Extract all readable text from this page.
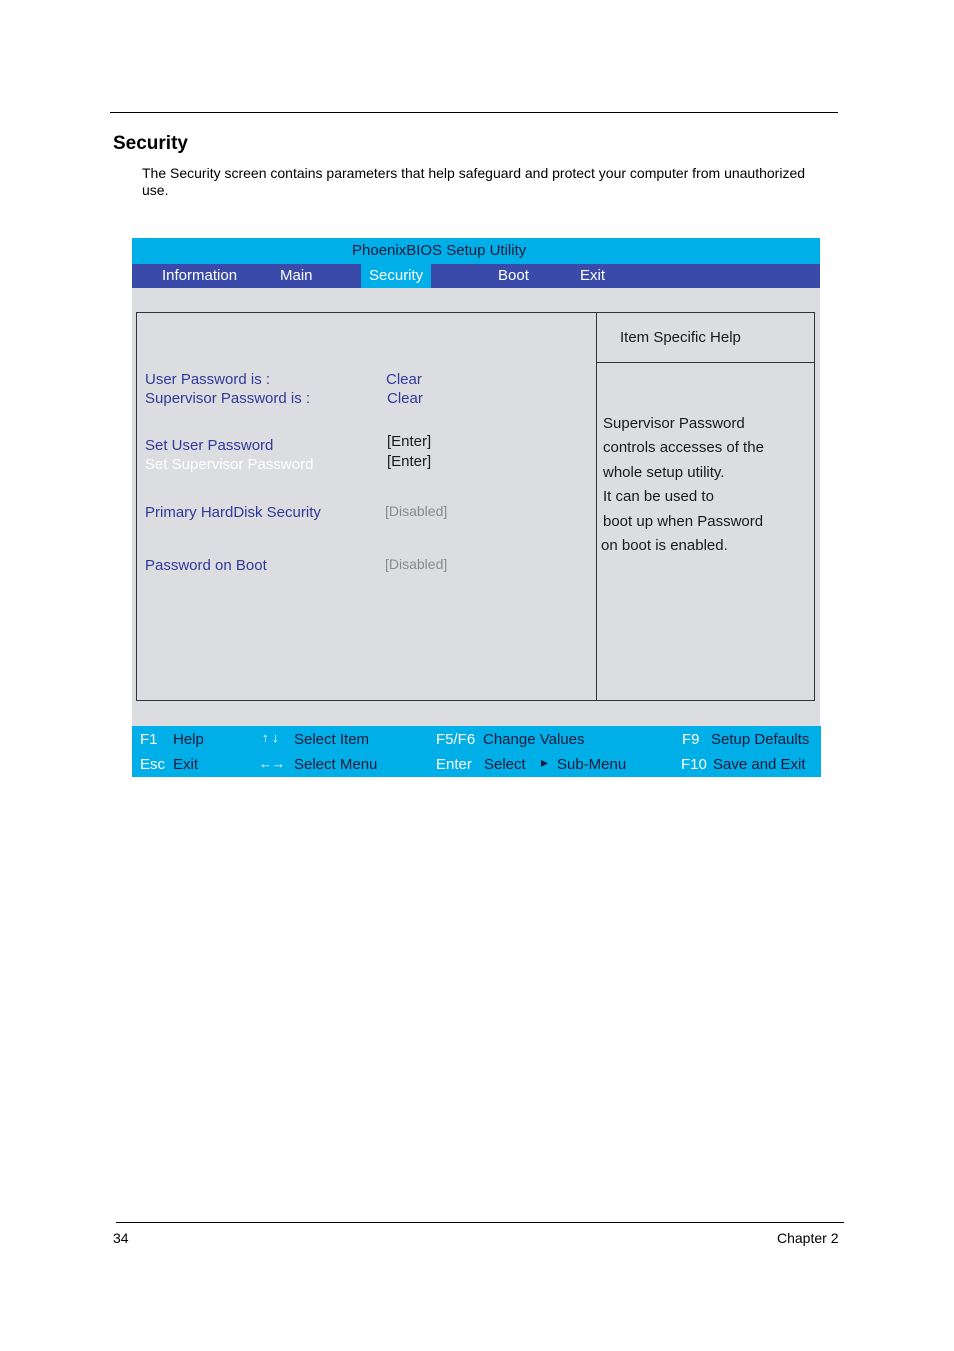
Security
The Security screen contains parameters that help safeguard and protect your computer from unauthorized use.
PhoenixBIOS Setup Utility
Information	Main	Security	Boot	Exit
User Password is :	Clear
Supervisor Password is :	Clear
Set User Password	[Enter]
Set Supervisor Password	[Enter]
Primary HardDisk Security	[Disabled]
Password on Boot	[Disabled]
Item Specific Help
Supervisor Password
controls accesses of the
whole setup utility.
It can be used to
boot up when Password
on boot is enabled.
F1 Help	↑ ↓ Select Item	F5/F6 Change Values	F9 Setup Defaults
Esc Exit	←→ Select Menu	Enter Select ▸ Sub-Menu	F10 Save and Exit
34	Chapter 2
